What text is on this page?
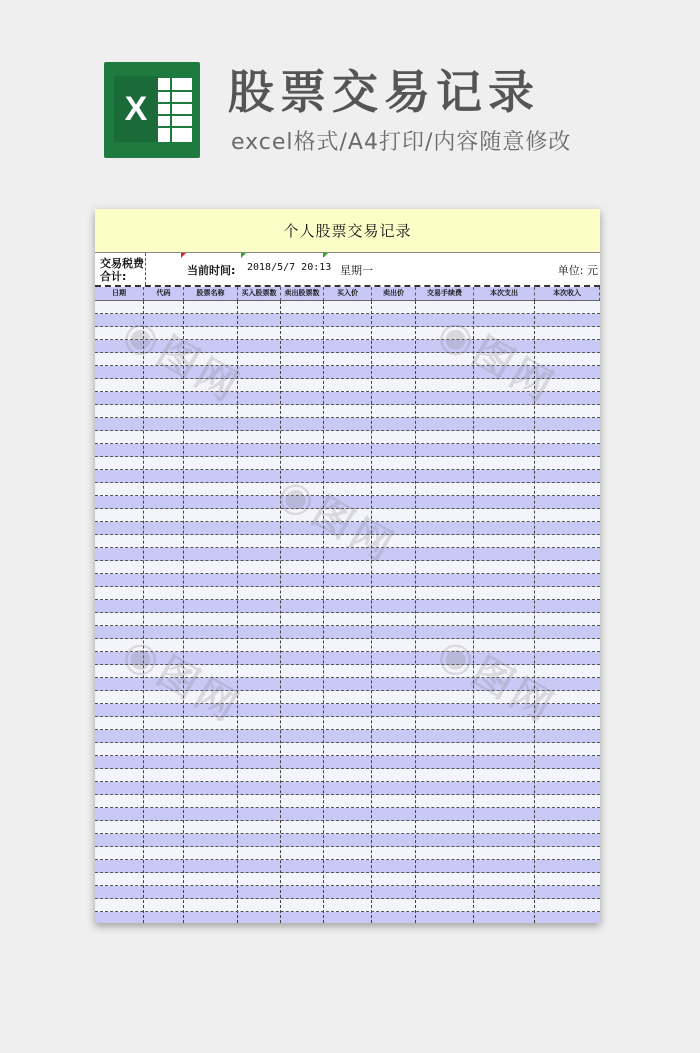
X 股票交易记录
excel格式/A4打印/内容随意修改
个人股票交易记录
交易税费合计:	当前时间: 2018/5/7 20:13 星期一	单位: 元
日期	代码	股票名称	买入股票数	卖出股票数	买入价	卖出价	交易手续费	本次支出	本次收入
◉图网	◉图网
◉图网
◉图网	◉图网
